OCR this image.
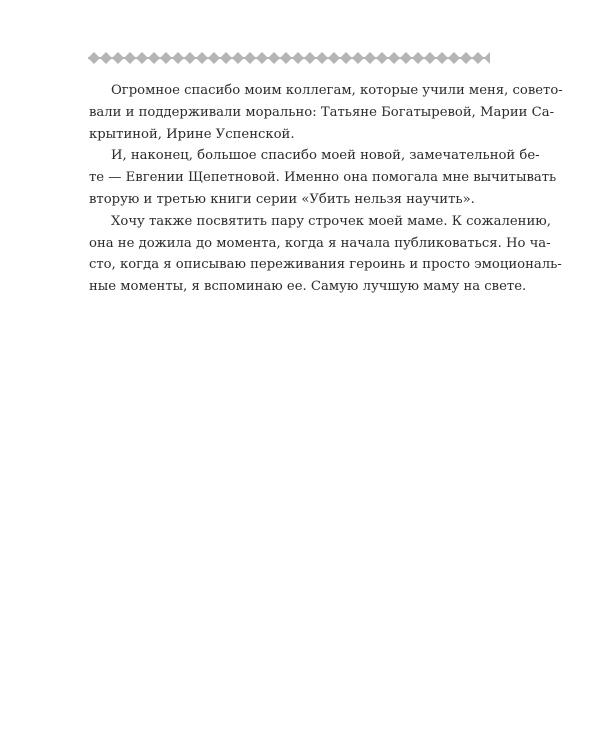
Огромное спасибо моим коллегам, которые учили меня, совето-
вали и поддерживали морально: Татьяне Богатыревой, Марии Са-
крытиной, Ирине Успенской.
И, наконец, большое спасибо моей новой, замечательной бе-
те — Евгении Щепетновой. Именно она помогала мне вычитывать
вторую и третью книги серии «Убить нельзя научить».
Хочу также посвятить пару строчек моей маме. К сожалению,
она не дожила до момента, когда я начала публиковаться. Но ча-
сто, когда я описываю переживания героинь и просто эмоциональ-
ные моменты, я вспоминаю ее. Самую лучшую маму на свете.
